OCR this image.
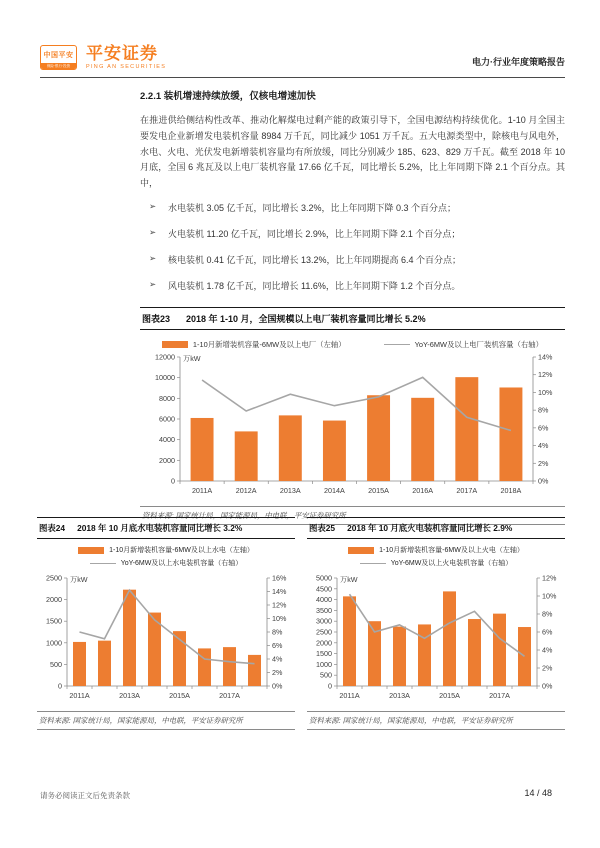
中国平安
保险·银行·投资
平安证券
PING AN SECURITIES	电力·行业年度策略报告
2.2.1 装机增速持续放缓，仅核电增速加快

在推进供给侧结构性改革、推动化解煤电过剩产能的政策引导下，全国电源结构持续优化。1-10 月全国主要发电企业新增发电装机容量 8984 万千瓦，同比减少 1051 万千瓦。五大电源类型中，除核电与风电外，水电、火电、光伏发电新增装机容量均有所放缓，同比分别减少 185、623、829 万千瓦。截至 2018 年 10 月底，全国 6 兆瓦及以上电厂装机容量 17.66 亿千瓦，同比增长 5.2%，比上年同期下降 2.1 个百分点。其中，

➢	水电装机 3.05 亿千瓦，同比增长 3.2%，比上年同期下降 0.3 个百分点；
➢	火电装机 11.20 亿千瓦，同比增长 2.9%，比上年同期下降 2.1 个百分点；
➢	核电装机 0.41 亿千瓦，同比增长 13.2%，比上年同期提高 6.4 个百分点；
➢	风电装机 1.78 亿千瓦，同比增长 11.6%，比上年同期下降 1.2 个百分点。
图表23 2018 年 1-10 月，全国规模以上电厂装机容量同比增长 5.2%
1-10月新增装机容量-6MW及以上电厂（左轴）	YoY-6MW及以上电厂装机容量（右轴）
0
2000
4000
6000
8000
10000
12000
0%
2%
4%
6%
8%
10%
12%
14%
2011A	2012A	2013A	2014A	2015A	2016A	2017A	2018A
万kW
资料来源: 国家统计局，国家能源局，中电联，平安证券研究所
图表24 2018 年 10 月底水电装机容量同比增长 3.2%
1-10月新增装机容量-6MW及以上水电（左轴）
YoY-6MW及以上水电装机容量（右轴）
0
500
1000
1500
2000
2500
0%
2%
4%
6%
8%
10%
12%
14%
16%
2011A	2013A	2015A	2017A
万kW
资料来源: 国家统计局，国家能源局，中电联，平安证券研究所
图表25 2018 年 10 月底火电装机容量同比增长 2.9%
1-10月新增装机容量-6MW及以上火电（左轴）
YoY-6MW及以上火电装机容量（右轴）
0
500
1000
1500
2000
2500
3000
3500
4000
4500
5000
0%
2%
4%
6%
8%
10%
12%
2011A	2013A	2015A	2017A
万kW
资料来源: 国家统计局，国家能源局，中电联，平安证券研究所
请务必阅读正文后免责条款	14 / 48
